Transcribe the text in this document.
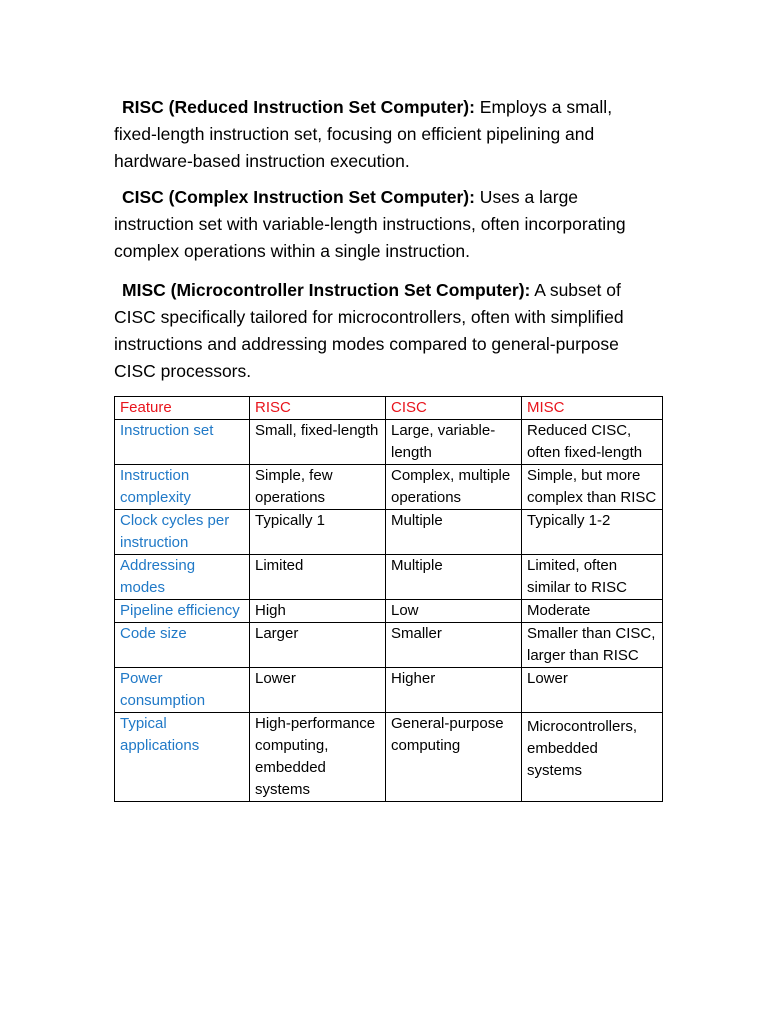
RISC (Reduced Instruction Set Computer): Employs a small, fixed-length instruction set, focusing on efficient pipelining and hardware-based instruction execution.

CISC (Complex Instruction Set Computer): Uses a large instruction set with variable-length instructions, often incorporating complex operations within a single instruction.

MISC (Microcontroller Instruction Set Computer): A subset of CISC specifically tailored for microcontrollers, often with simplified instructions and addressing modes compared to general-purpose CISC processors.

Feature	RISC	CISC	MISC
Instruction set	Small, fixed-length	Large, variable-length	Reduced CISC, often fixed-length
Instruction complexity	Simple, few operations	Complex, multiple operations	Simple, but more complex than RISC
Clock cycles per instruction	Typically 1	Multiple	Typically 1-2
Addressing modes	Limited	Multiple	Limited, often similar to RISC
Pipeline efficiency	High	Low	Moderate
Code size	Larger	Smaller	Smaller than CISC, larger than RISC
Power consumption	Lower	Higher	Lower
Typical applications	High-performance computing, embedded systems	General-purpose computing	Microcontrollers, embedded systems
